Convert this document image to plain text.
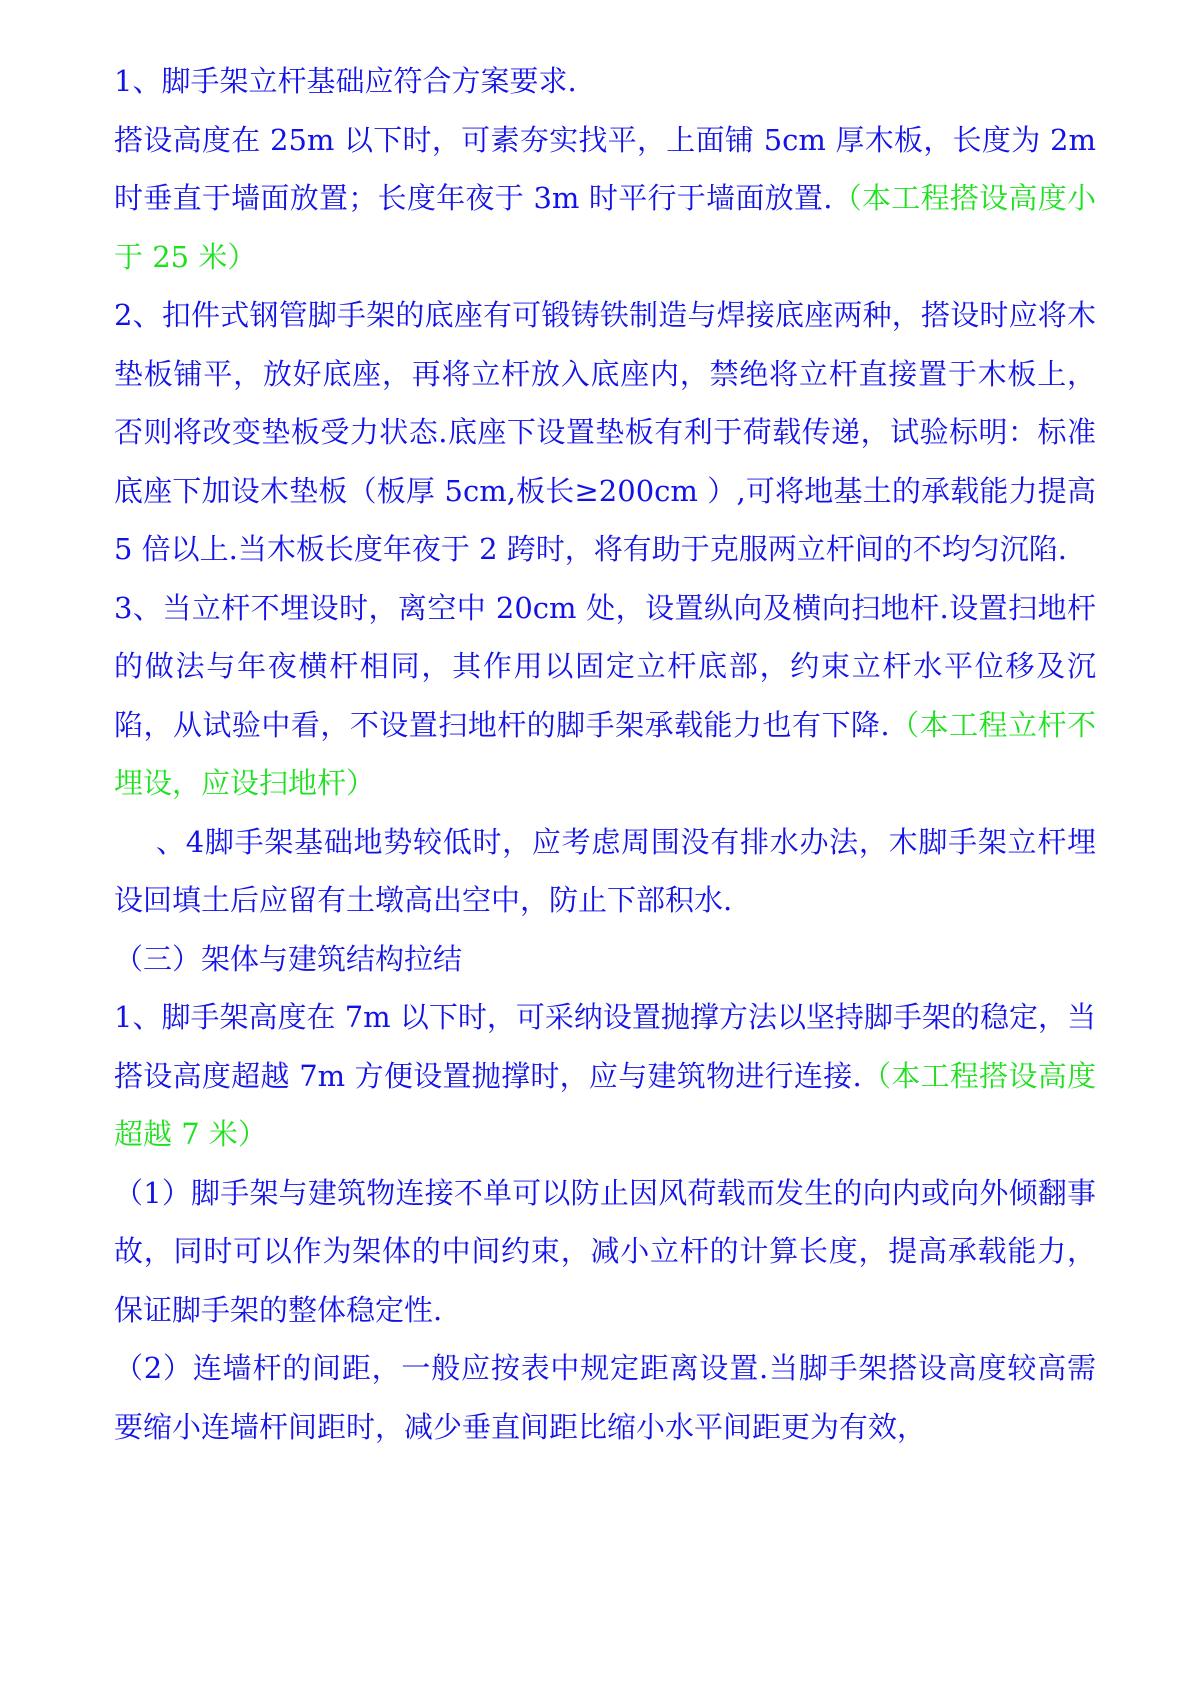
1、脚手架立杆基础应符合方案要求.

搭设高度在 25m 以下时，可素夯实找平，上面铺 5cm 厚木板，长度为 2m 时垂直于墙面放置；长度年夜于 3m 时平行于墙面放置.（本工程搭设高度小于 25 米）

2、扣件式钢管脚手架的底座有可锻铸铁制造与焊接底座两种，搭设时应将木垫板铺平，放好底座，再将立杆放入底座内，禁绝将立杆直接置于木板上，否则将改变垫板受力状态.底座下设置垫板有利于荷载传递，试验标明：标准底座下加设木垫板（板厚 5cm,板长≥200cm ）,可将地基土的承载能力提高 5 倍以上.当木板长度年夜于 2 跨时，将有助于克服两立杆间的不均匀沉陷.

3、当立杆不埋设时，离空中 20cm 处，设置纵向及横向扫地杆.设置扫地杆的做法与年夜横杆相同，其作用以固定立杆底部，约束立杆水平位移及沉陷，从试验中看，不设置扫地杆的脚手架承载能力也有下降.（本工程立杆不埋设，应设扫地杆）

、4脚手架基础地势较低时，应考虑周围没有排水办法，木脚手架立杆埋设回填土后应留有土墩高出空中，防止下部积水.

（三）架体与建筑结构拉结

1、脚手架高度在 7m 以下时，可采纳设置抛撑方法以坚持脚手架的稳定，当搭设高度超越 7m 方便设置抛撑时，应与建筑物进行连接.（本工程搭设高度超越 7 米）

（1）脚手架与建筑物连接不单可以防止因风荷载而发生的向内或向外倾翻事故，同时可以作为架体的中间约束，减小立杆的计算长度，提高承载能力，保证脚手架的整体稳定性.

（2）连墙杆的间距，一般应按表中规定距离设置.当脚手架搭设高度较高需要缩小连墙杆间距时，减少垂直间距比缩小水平间距更为有效，
